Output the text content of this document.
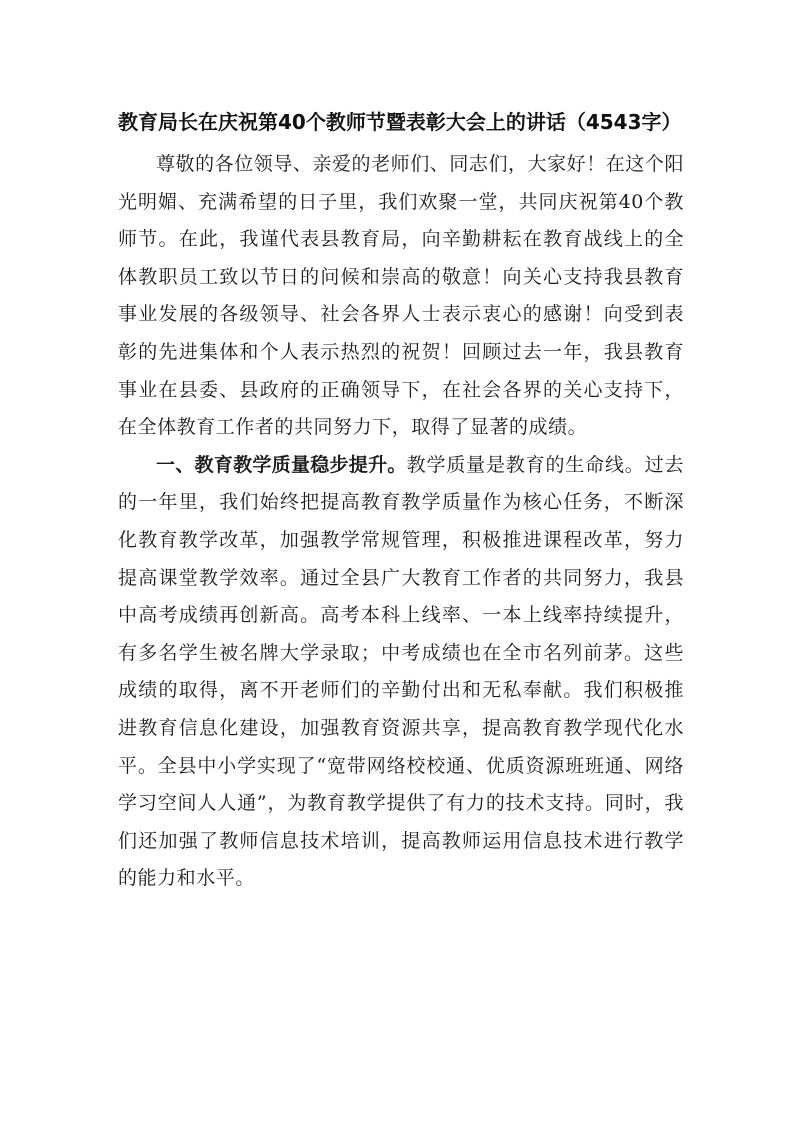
教育局长在庆祝第40个教师节暨表彰大会上的讲话（4543字）

尊敬的各位领导、亲爱的老师们、同志们，大家好！在这个阳光明媚、充满希望的日子里，我们欢聚一堂，共同庆祝第40个教师节。在此，我谨代表县教育局，向辛勤耕耘在教育战线上的全体教职员工致以节日的问候和崇高的敬意！向关心支持我县教育事业发展的各级领导、社会各界人士表示衷心的感谢！向受到表彰的先进集体和个人表示热烈的祝贺！回顾过去一年，我县教育事业在县委、县政府的正确领导下，在社会各界的关心支持下，在全体教育工作者的共同努力下，取得了显著的成绩。

一、教育教学质量稳步提升。教学质量是教育的生命线。过去的一年里，我们始终把提高教育教学质量作为核心任务，不断深化教育教学改革，加强教学常规管理，积极推进课程改革，努力提高课堂教学效率。通过全县广大教育工作者的共同努力，我县中高考成绩再创新高。高考本科上线率、一本上线率持续提升，有多名学生被名牌大学录取；中考成绩也在全市名列前茅。这些成绩的取得，离不开老师们的辛勤付出和无私奉献。我们积极推进教育信息化建设，加强教育资源共享，提高教育教学现代化水平。全县中小学实现了“宽带网络校校通、优质资源班班通、网络学习空间人人通”，为教育教学提供了有力的技术支持。同时，我们还加强了教师信息技术培训，提高教师运用信息技术进行教学的能力和水平。
